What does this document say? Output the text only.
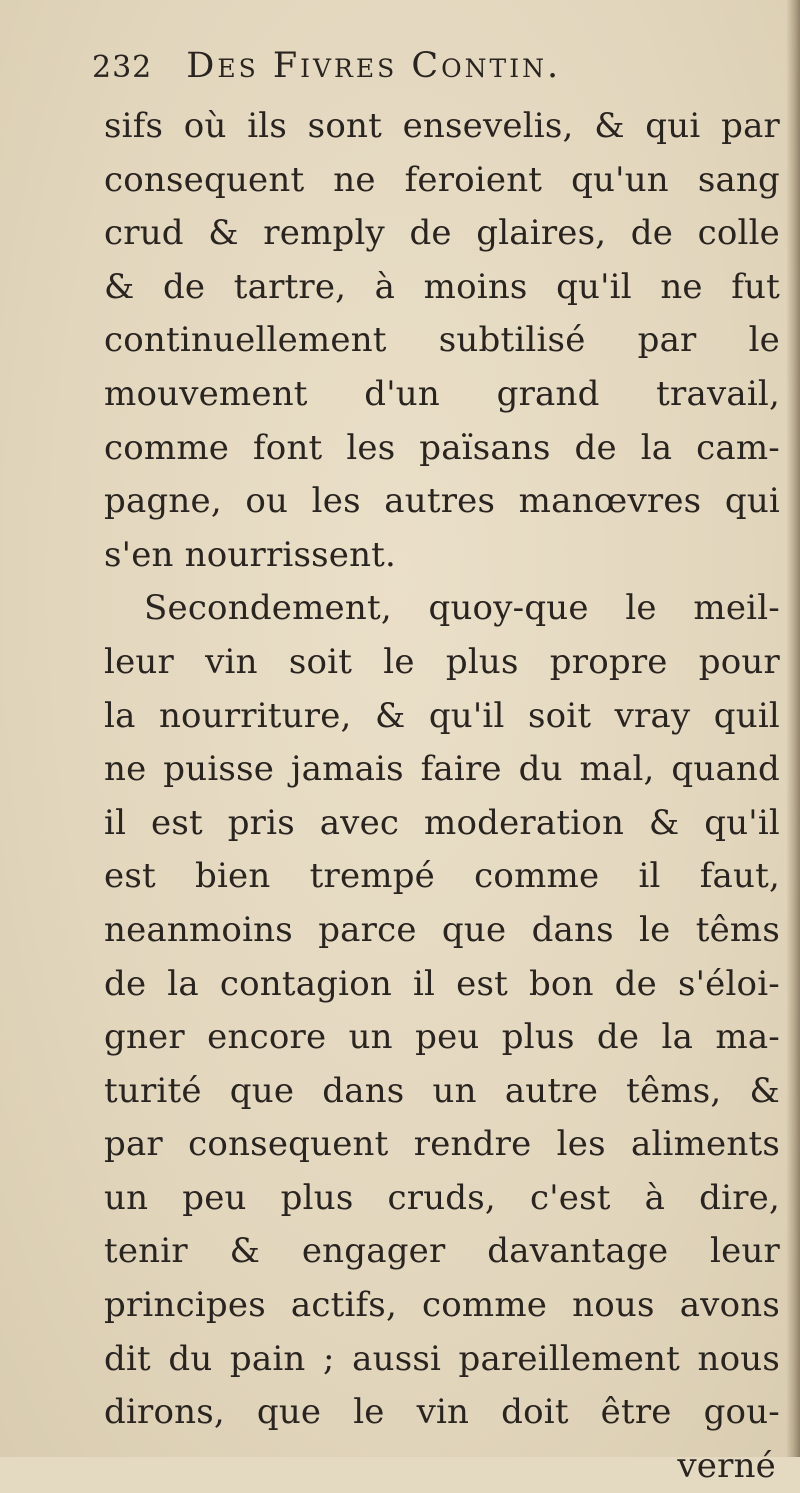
232 Des Fivres Contin.
sifs où ils sont ensevelis, & qui par
consequent ne feroient qu'un sang
crud & remply de glaires, de colle
& de tartre, à moins qu'il ne fut
continuellement subtilisé par le
mouvement d'un grand travail,
comme font les païsans de la cam-
pagne, ou les autres manœvres qui
s'en nourrissent.
Secondement, quoy-que le meil-
leur vin soit le plus propre pour
la nourriture, & qu'il soit vray quil
ne puisse jamais faire du mal, quand
il est pris avec moderation & qu'il
est bien trempé comme il faut,
neanmoins parce que dans le têms
de la contagion il est bon de s'éloi-
gner encore un peu plus de la ma-
turité que dans un autre têms, &
par consequent rendre les aliments
un peu plus cruds, c'est à dire,
tenir & engager davantage leur
principes actifs, comme nous avons
dit du pain ; aussi pareillement nous
dirons, que le vin doit être gou-
verné
